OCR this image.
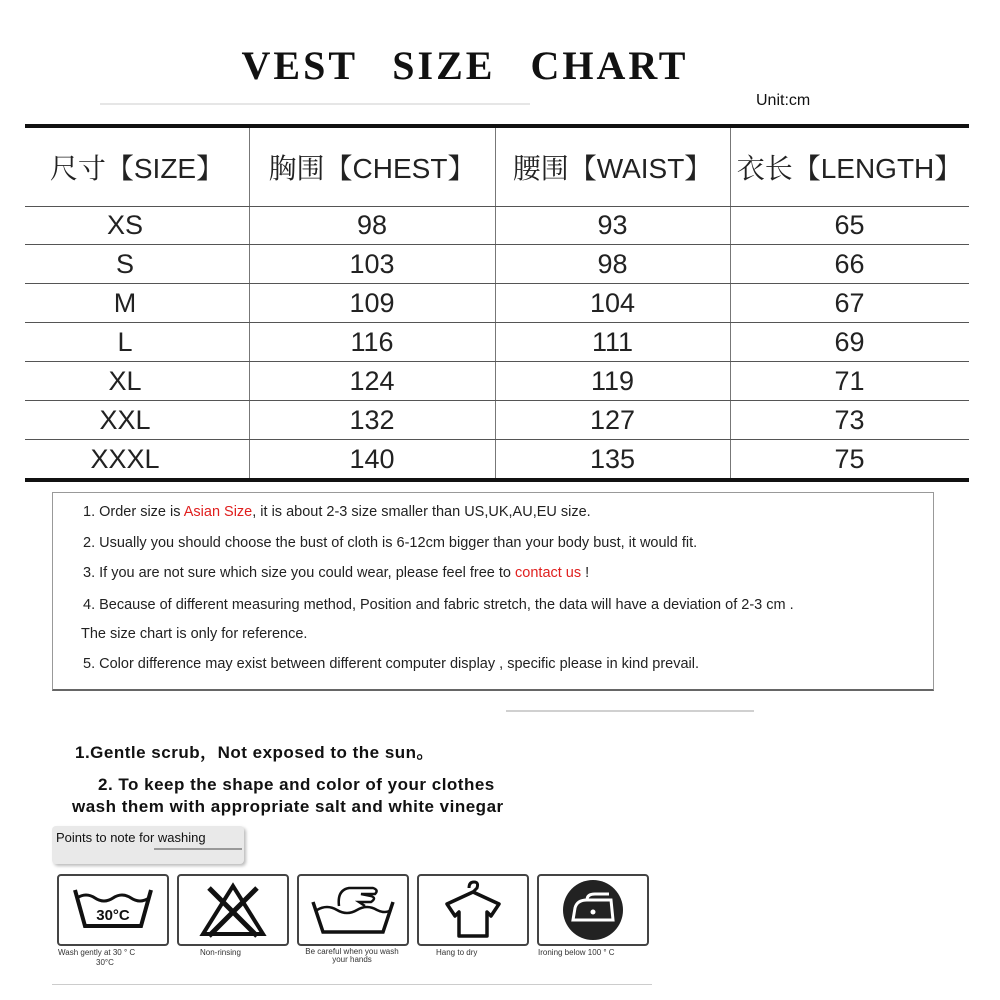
VEST SIZE CHART
Unit:cm
尺寸【SIZE】	胸围【CHEST】	腰围【WAIST】 衣长【LENGTH】
XS	98	93	65
S	103	98	66
M	109	104	67
L	116	111	69
XL	124	119	71
XXL	132	127	73
XXXL	140	135	75
1. Order size is Asian Size, it is about 2-3 size smaller than US,UK,AU,EU size.
2. Usually you should choose the bust of cloth is 6-12cm bigger than your body bust, it would fit.
3. If you are not sure which size you could wear, please feel free to contact us !
4. Because of different measuring method, Position and fabric stretch, the data will have a deviation of 2-3 cm .
The size chart is only for reference.
5. Color difference may exist between different computer display , specific please in kind prevail.
1.Gentle scrub，Not exposed to the sun。
2. To keep the shape and color of your clothes
wash them with appropriate salt and white vinegar
Points to note for washing
30°C
Wash gently at 30 ° C
30°C
Non-rinsing	Be careful when you wash your hands
Hang to dry	Ironing below 100 ° C
